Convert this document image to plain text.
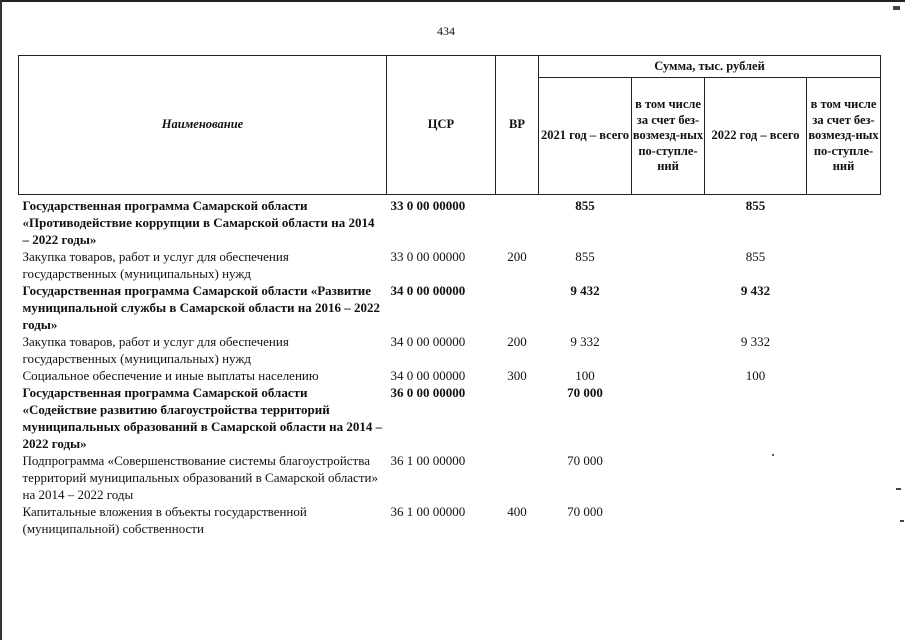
434
Наименование	ЦСР	ВР	Сумма, тыс. рублей			
			2021 год – всего	в том числе за счет без-возмезд-ных по-ступле-ний	2022 год – всего	в том числе за счет без-возмезд-ных по-ступле-ний
Государственная программа Самарской области «Противодействие коррупции в Самарской области на 2014 – 2022 годы»	33 0 00 00000		855		855	
Закупка товаров, работ и услуг для обеспечения государственных (муниципальных) нужд	33 0 00 00000	200	855		855	
Государственная программа Самарской области «Развитие муниципальной службы в Самарской области на 2016 – 2022 годы»	34 0 00 00000		9 432		9 432	
Закупка товаров, работ и услуг для обеспечения государственных (муниципальных) нужд	34 0 00 00000	200	9 332		9 332	
Социальное обеспечение и иные выплаты населению	34 0 00 00000	300	100		100	
Государственная программа Самарской области «Содействие развитию благоустройства территорий муниципальных образований в Самарской области на 2014 – 2022 годы»	36 0 00 00000		70 000			
Подпрограмма «Совершенствование системы благоустройства территорий муниципальных образований в Самарской области» на 2014 – 2022 годы	36 1 00 00000		70 000			
Капитальные вложения в объекты государственной (муниципальной) собственности	36 1 00 00000	400	70 000			
